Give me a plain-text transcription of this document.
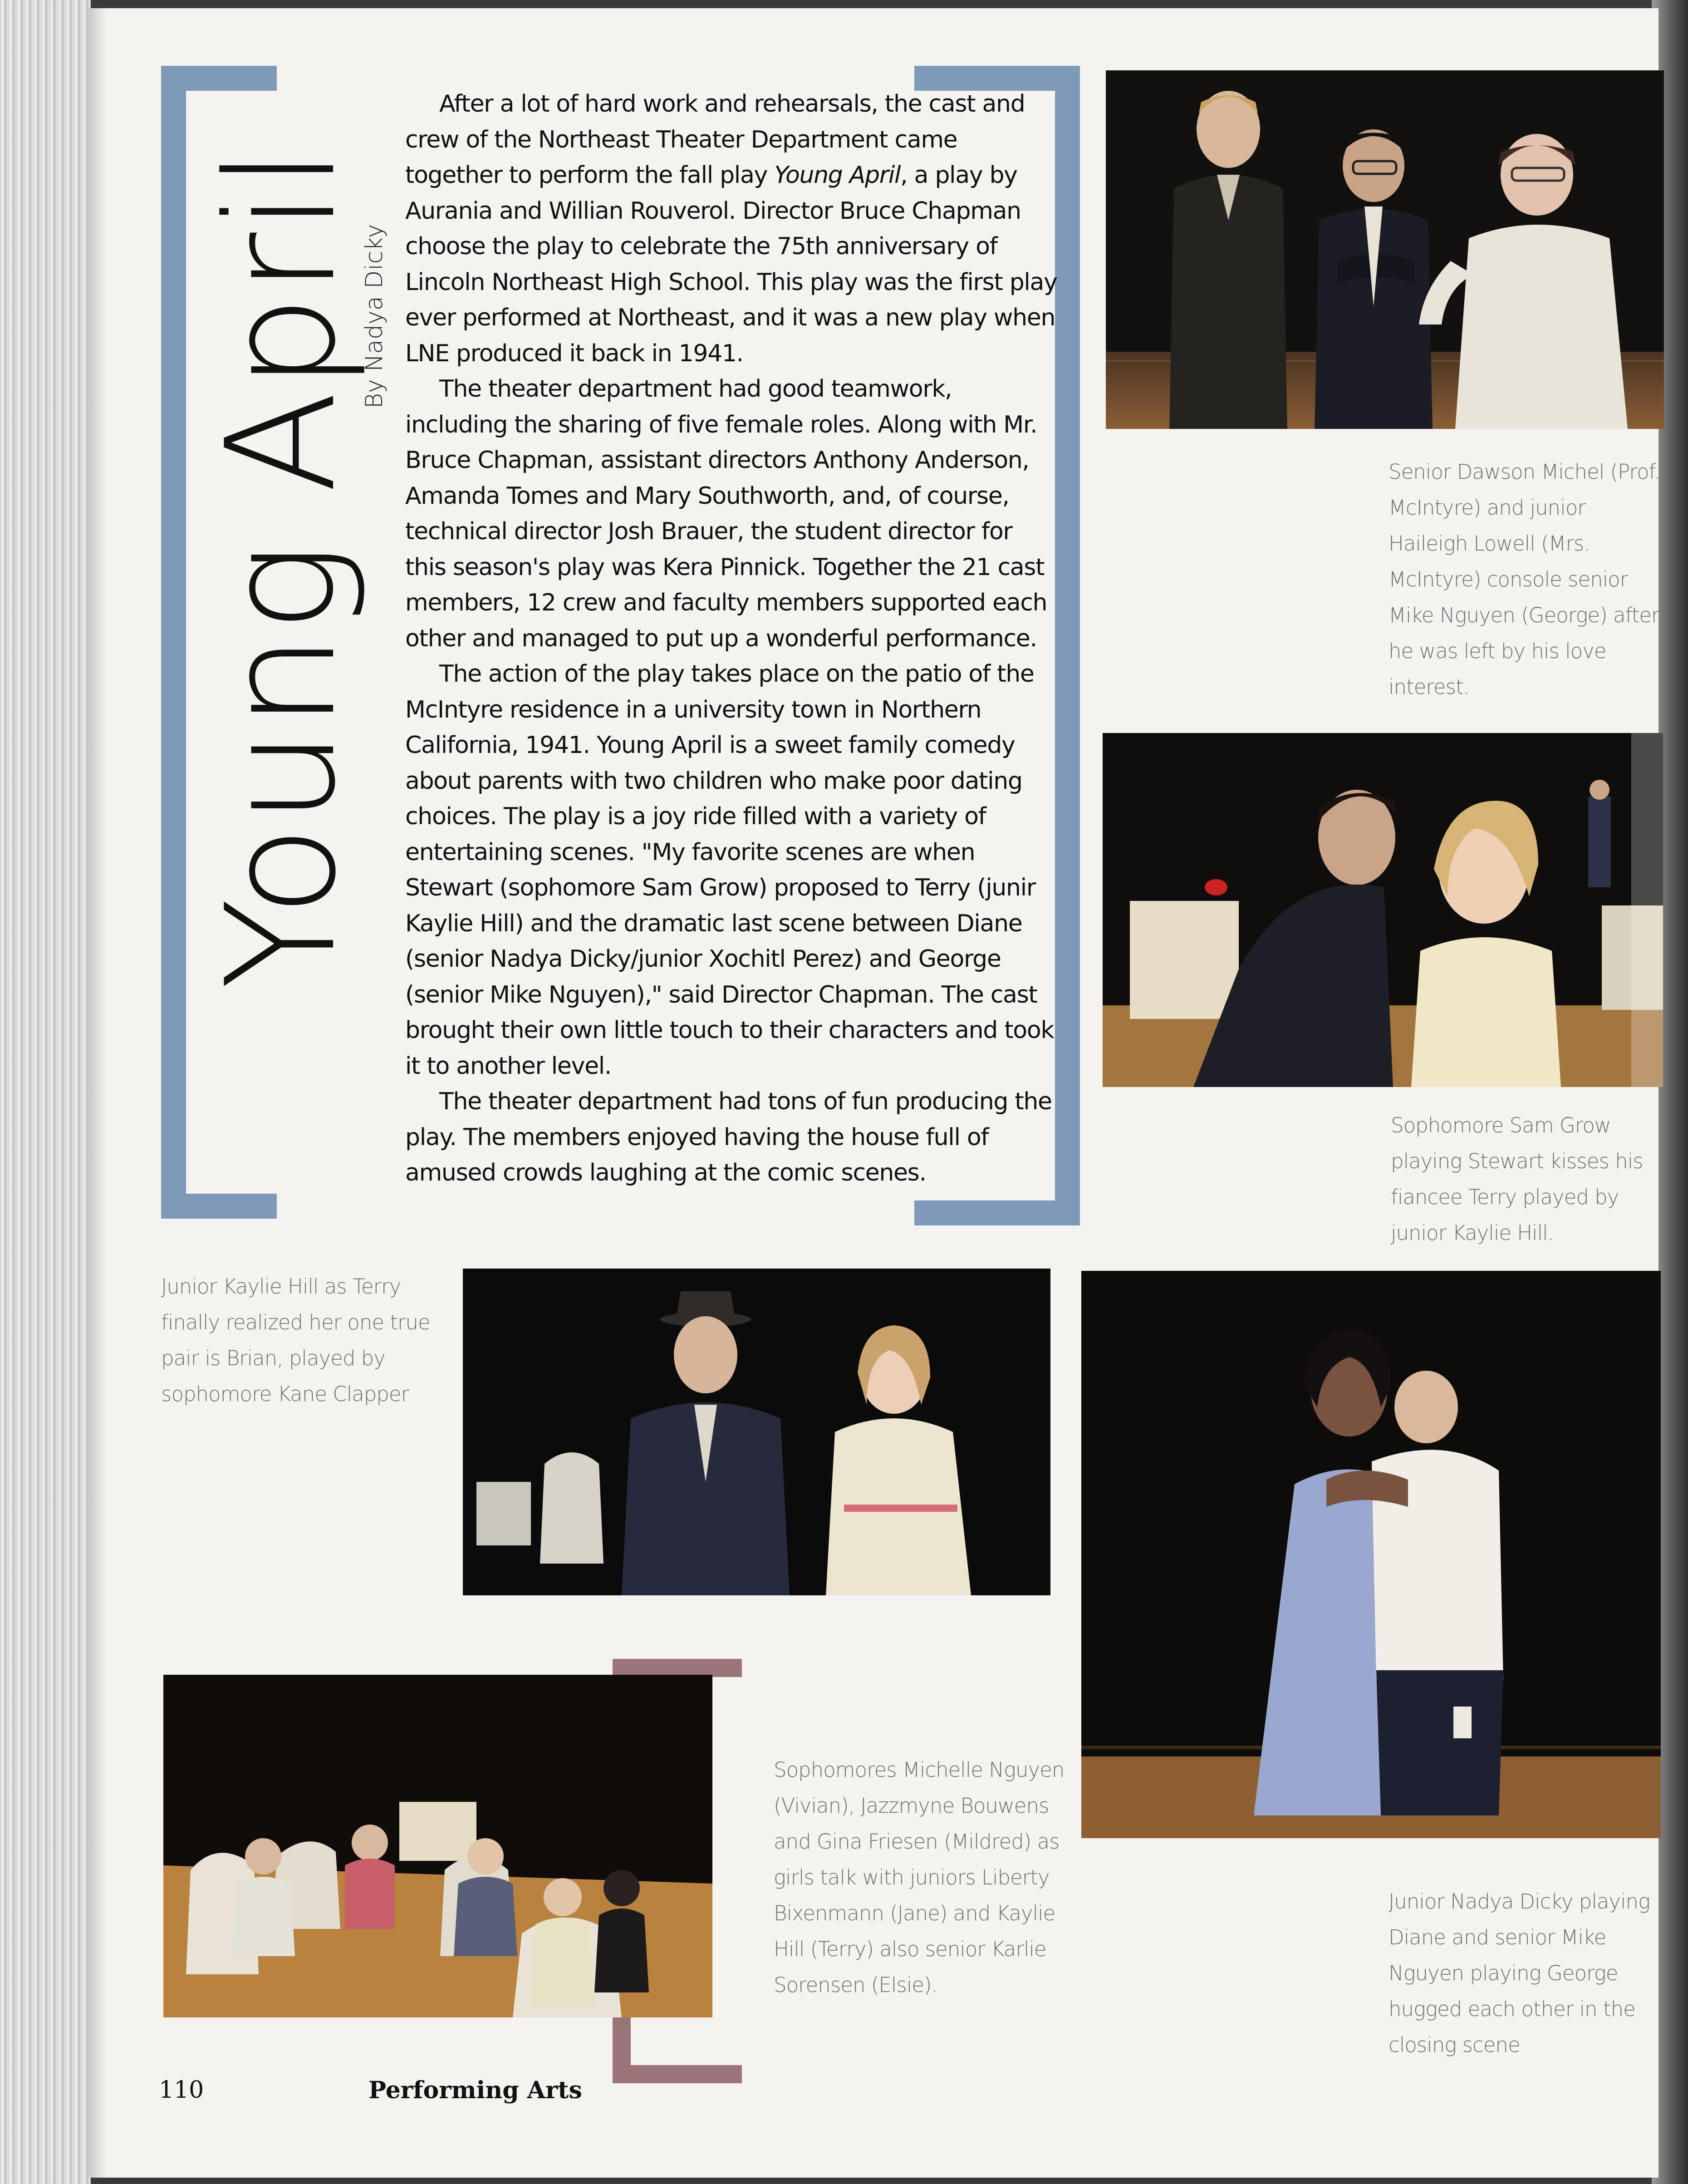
Young April
By Nadya Dicky

After a lot of hard work and rehearsals, the cast and crew of the Northeast Theater Department came together to perform the fall play Young April, a play by Aurania and Willian Rouverol. Director Bruce Chapman choose the play to celebrate the 75th anniversary of Lincoln Northeast High School. This play was the first play ever performed at Northeast, and it was a new play when LNE produced it back in 1941.

The theater department had good teamwork, including the sharing of five female roles. Along with Mr. Bruce Chapman, assistant directors Anthony Anderson, Amanda Tomes and Mary Southworth, and, of course, technical director Josh Brauer, the student director for this season's play was Kera Pinnick. Together the 21 cast members, 12 crew and faculty members supported each other and managed to put up a wonderful performance.

The action of the play takes place on the patio of the McIntyre residence in a university town in Northern California, 1941. Young April is a sweet family comedy about parents with two children who make poor dating choices. The play is a joy ride filled with a variety of entertaining scenes. "My favorite scenes are when Stewart (sophomore Sam Grow) proposed to Terry (junir Kaylie Hill) and the dramatic last scene between Diane (senior Nadya Dicky/junior Xochitl Perez) and George (senior Mike Nguyen)," said Director Chapman. The cast brought their own little touch to their characters and took it to another level.

The theater department had tons of fun producing the play. The members enjoyed having the house full of amused crowds laughing at the comic scenes.

Senior Dawson Michel (Prof. McIntyre) and junior Haileigh Lowell (Mrs. McIntyre) console senior Mike Nguyen (George) after he was left by his love interest.
Sophomore Sam Grow playing Stewart kisses his fiancee Terry played by junior Kaylie Hill.
Junior Kaylie Hill as Terry finally realized her one true pair is Brian, played by sophomore Kane Clapper
Junior Nadya Dicky playing Diane and senior Mike Nguyen playing George hugged each other in the closing scene
Sophomores Michelle Nguyen (Vivian), Jazzmyne Bouwens and Gina Friesen (Mildred) as girls talk with juniors Liberty Bixenmann (Jane) and Kaylie Hill (Terry) also senior Karlie Sorensen (Elsie).
110	Performing Arts
